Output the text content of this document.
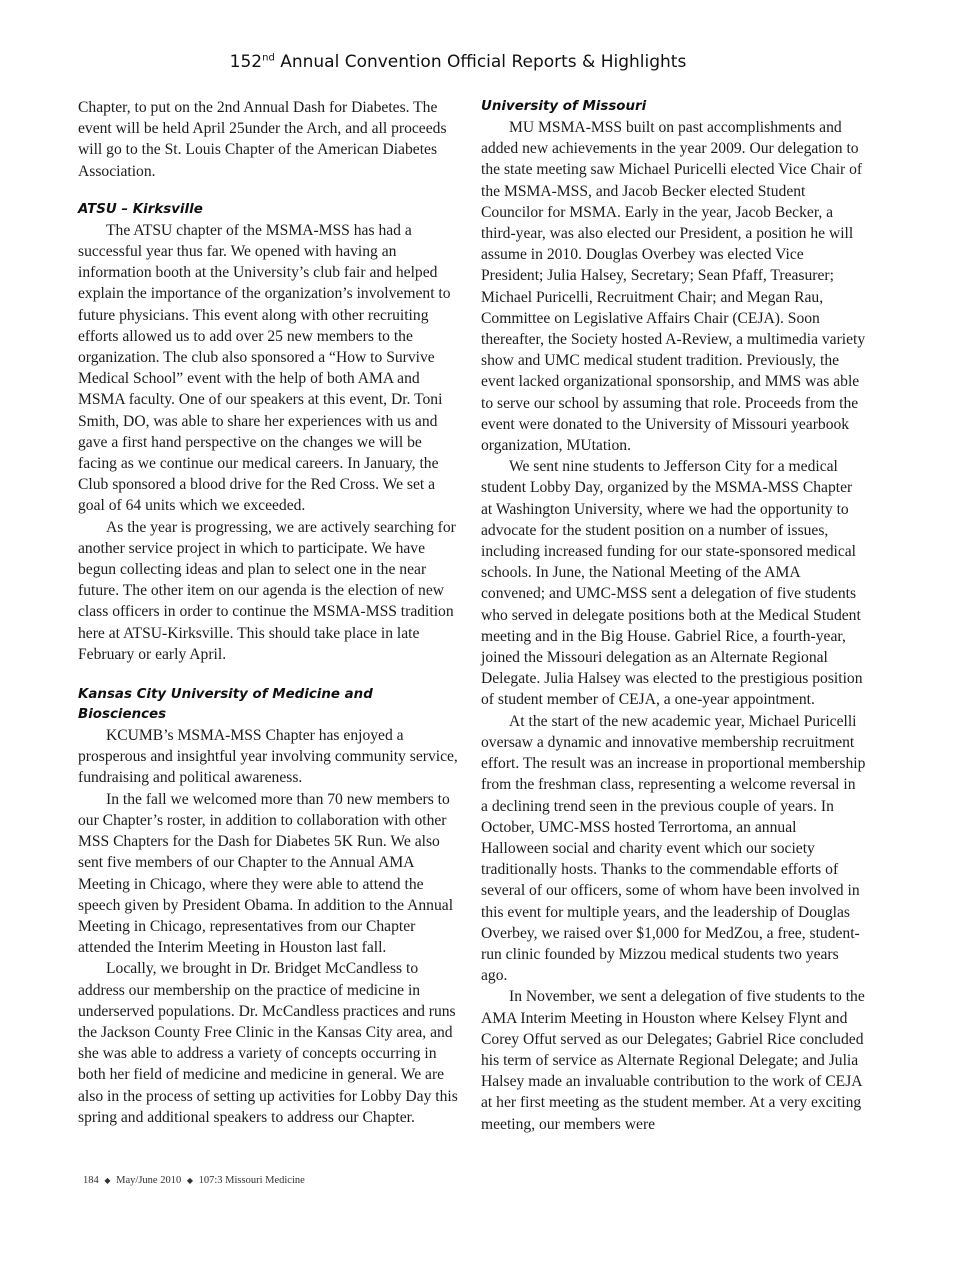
152nd Annual Convention Official Reports & Highlights

Chapter, to put on the 2nd Annual Dash for Diabetes. The event will be held April 25under the Arch, and all proceeds will go to the St. Louis Chapter of the American Diabetes Association.

ATSU – Kirksville

The ATSU chapter of the MSMA-MSS has had a successful year thus far. We opened with having an information booth at the University’s club fair and helped explain the importance of the organization’s involvement to future physicians. This event along with other recruiting efforts allowed us to add over 25 new members to the organization. The club also sponsored a “How to Survive Medical School” event with the help of both AMA and MSMA faculty. One of our speakers at this event, Dr. Toni Smith, DO, was able to share her experiences with us and gave a first hand perspective on the changes we will be facing as we continue our medical careers. In January, the Club sponsored a blood drive for the Red Cross. We set a goal of 64 units which we exceeded.

As the year is progressing, we are actively searching for another service project in which to participate. We have begun collecting ideas and plan to select one in the near future. The other item on our agenda is the election of new class officers in order to continue the MSMA-MSS tradition here at ATSU-Kirksville. This should take place in late February or early April.

Kansas City University of Medicine and Biosciences

KCUMB’s MSMA-MSS Chapter has enjoyed a prosperous and insightful year involving community service, fundraising and political awareness.

In the fall we welcomed more than 70 new members to our Chapter’s roster, in addition to collaboration with other MSS Chapters for the Dash for Diabetes 5K Run. We also sent five members of our Chapter to the Annual AMA Meeting in Chicago, where they were able to attend the speech given by President Obama. In addition to the Annual Meeting in Chicago, representatives from our Chapter attended the Interim Meeting in Houston last fall.

Locally, we brought in Dr. Bridget McCandless to address our membership on the practice of medicine in underserved populations. Dr. McCandless practices and runs the Jackson County Free Clinic in the Kansas City area, and she was able to address a variety of concepts occurring in both her field of medicine and medicine in general. We are also in the process of setting up activities for Lobby Day this spring and additional speakers to address our Chapter.

University of Missouri

MU MSMA-MSS built on past accomplishments and added new achievements in the year 2009. Our delegation to the state meeting saw Michael Puricelli elected Vice Chair of the MSMA-MSS, and Jacob Becker elected Student Councilor for MSMA. Early in the year, Jacob Becker, a third-year, was also elected our President, a position he will assume in 2010. Douglas Overbey was elected Vice President; Julia Halsey, Secretary; Sean Pfaff, Treasurer; Michael Puricelli, Recruitment Chair; and Megan Rau, Committee on Legislative Affairs Chair (CEJA). Soon thereafter, the Society hosted A-Review, a multimedia variety show and UMC medical student tradition. Previously, the event lacked organizational sponsorship, and MMS was able to serve our school by assuming that role. Proceeds from the event were donated to the University of Missouri yearbook organization, MUtation.

We sent nine students to Jefferson City for a medical student Lobby Day, organized by the MSMA-MSS Chapter at Washington University, where we had the opportunity to advocate for the student position on a number of issues, including increased funding for our state-sponsored medical schools. In June, the National Meeting of the AMA convened; and UMC-MSS sent a delegation of five students who served in delegate positions both at the Medical Student meeting and in the Big House. Gabriel Rice, a fourth-year, joined the Missouri delegation as an Alternate Regional Delegate. Julia Halsey was elected to the prestigious position of student member of CEJA, a one-year appointment.

At the start of the new academic year, Michael Puricelli oversaw a dynamic and innovative membership recruitment effort. The result was an increase in proportional membership from the freshman class, representing a welcome reversal in a declining trend seen in the previous couple of years. In October, UMC-MSS hosted Terrortoma, an annual Halloween social and charity event which our society traditionally hosts. Thanks to the commendable efforts of several of our officers, some of whom have been involved in this event for multiple years, and the leadership of Douglas Overbey, we raised over $1,000 for MedZou, a free, student-run clinic founded by Mizzou medical students two years ago.

In November, we sent a delegation of five students to the AMA Interim Meeting in Houston where Kelsey Flynt and Corey Offut served as our Delegates; Gabriel Rice concluded his term of service as Alternate Regional Delegate; and Julia Halsey made an invaluable contribution to the work of CEJA at her first meeting as the student member. At a very exciting meeting, our members were

184 ◆ May/June 2010 ◆ 107:3 Missouri Medicine
